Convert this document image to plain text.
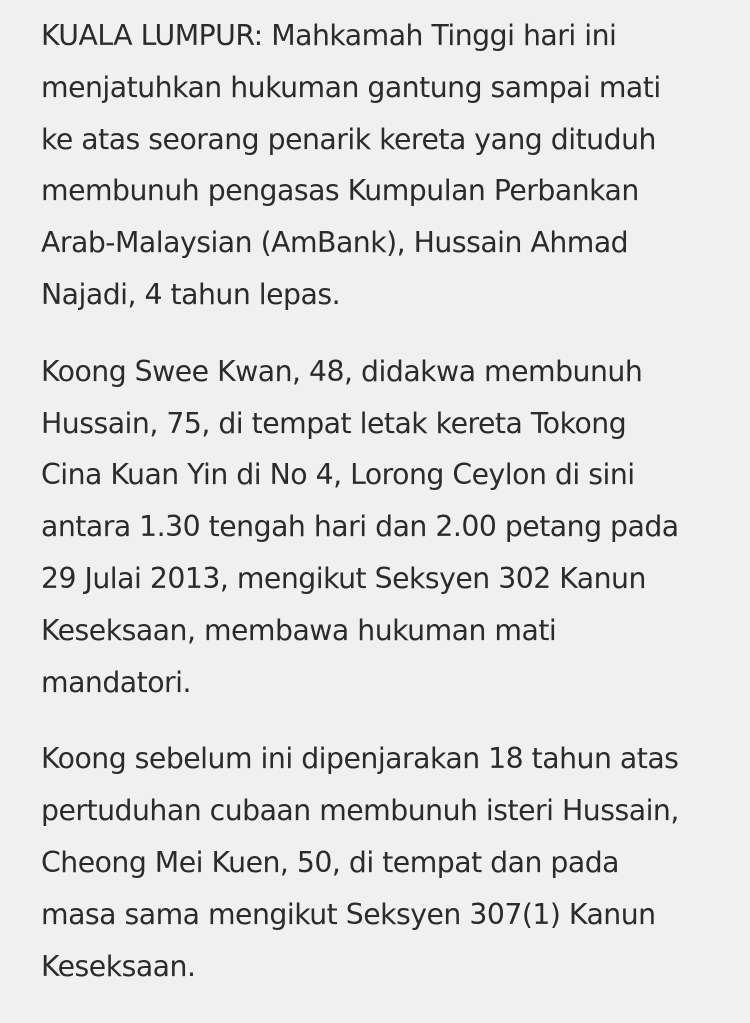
KUALA LUMPUR: Mahkamah Tinggi hari ini
menjatuhkan hukuman gantung sampai mati
ke atas seorang penarik kereta yang dituduh
membunuh pengasas Kumpulan Perbankan
Arab-Malaysian (AmBank), Hussain Ahmad
Najadi, 4 tahun lepas.

Koong Swee Kwan, 48, didakwa membunuh
Hussain, 75, di tempat letak kereta Tokong
Cina Kuan Yin di No 4, Lorong Ceylon di sini
antara 1.30 tengah hari dan 2.00 petang pada
29 Julai 2013, mengikut Seksyen 302 Kanun
Keseksaan, membawa hukuman mati
mandatori.

Koong sebelum ini dipenjarakan 18 tahun atas
pertuduhan cubaan membunuh isteri Hussain,
Cheong Mei Kuen, 50, di tempat dan pada
masa sama mengikut Seksyen 307(1) Kanun
Keseksaan.
